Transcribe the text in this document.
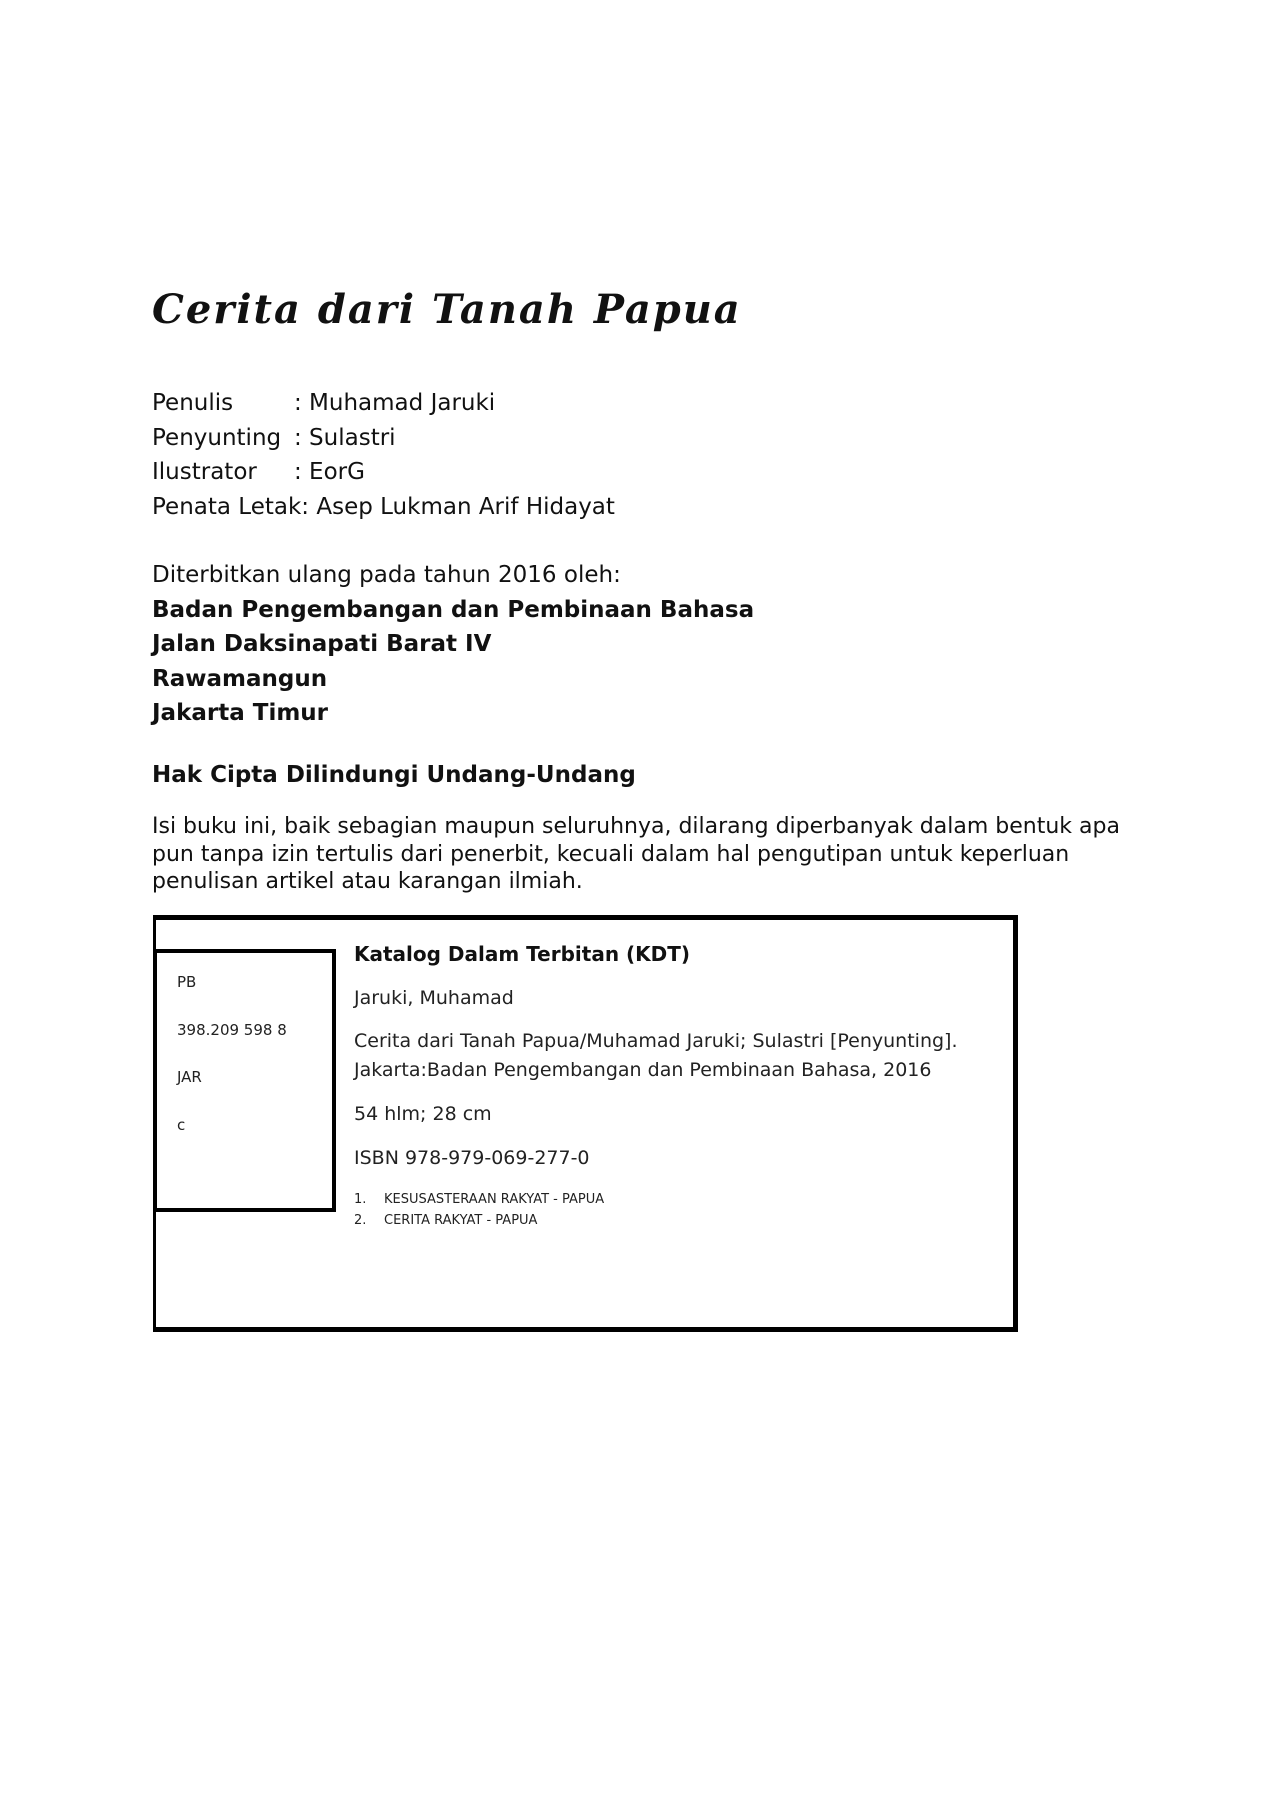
Cerita dari Tanah Papua
Penulis	: Muhamad Jaruki
Penyunting : Sulastri
Ilustrator	: EorG
Penata Letak : Asep Lukman Arif Hidayat
Diterbitkan ulang pada tahun 2016 oleh:
Badan Pengembangan dan Pembinaan Bahasa
Jalan Daksinapati Barat IV
Rawamangun
Jakarta Timur
Hak Cipta Dilindungi Undang-Undang
Isi buku ini, baik sebagian maupun seluruhnya, dilarang diperbanyak dalam bentuk apa pun tanpa izin tertulis dari penerbit, kecuali dalam hal pengutipan untuk keperluan penulisan artikel atau karangan ilmiah.
PB
398.209 598 8
JAR
c
Katalog Dalam Terbitan (KDT)
Jaruki, Muhamad
Cerita dari Tanah Papua/Muhamad Jaruki; Sulastri [Penyunting].
Jakarta:Badan Pengembangan dan Pembinaan Bahasa, 2016
54 hlm; 28 cm
ISBN 978-979-069-277-0
1.	KESUSASTERAAN RAKYAT - PAPUA
2.	CERITA RAKYAT - PAPUA
